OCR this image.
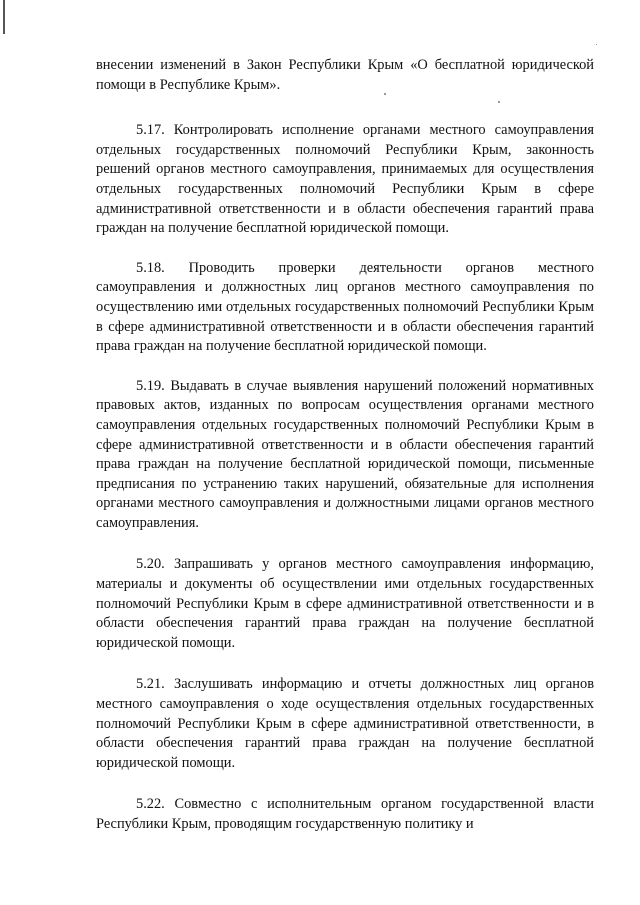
внесении изменений в Закон Республики Крым «О бесплатной юридической помощи в Республике Крым».

5.17. Контролировать исполнение органами местного самоуправления отдельных государственных полномочий Республики Крым, законность решений органов местного самоуправления, принимаемых для осуществления отдельных государственных полномочий Республики Крым в сфере административной ответственности и в области обеспечения гарантий права граждан на получение бесплатной юридической помощи.

5.18. Проводить проверки деятельности органов местного самоуправления и должностных лиц органов местного самоуправления по осуществлению ими отдельных государственных полномочий Республики Крым в сфере административной ответственности и в области обеспечения гарантий права граждан на получение бесплатной юридической помощи.

5.19. Выдавать в случае выявления нарушений положений нормативных правовых актов, изданных по вопросам осуществления органами местного самоуправления отдельных государственных полномочий Республики Крым в сфере административной ответственности и в области обеспечения гарантий права граждан на получение бесплатной юридической помощи, письменные предписания по устранению таких нарушений, обязательные для исполнения органами местного самоуправления и должностными лицами органов местного самоуправления.

5.20. Запрашивать у органов местного самоуправления информацию, материалы и документы об осуществлении ими отдельных государственных полномочий Республики Крым в сфере административной ответственности и в области обеспечения гарантий права граждан на получение бесплатной юридической помощи.

5.21. Заслушивать информацию и отчеты должностных лиц органов местного самоуправления о ходе осуществления отдельных государственных полномочий Республики Крым в сфере административной ответственности, в области обеспечения гарантий права граждан на получение бесплатной юридической помощи.

5.22. Совместно с исполнительным органом государственной власти Республики Крым, проводящим государственную политику и
